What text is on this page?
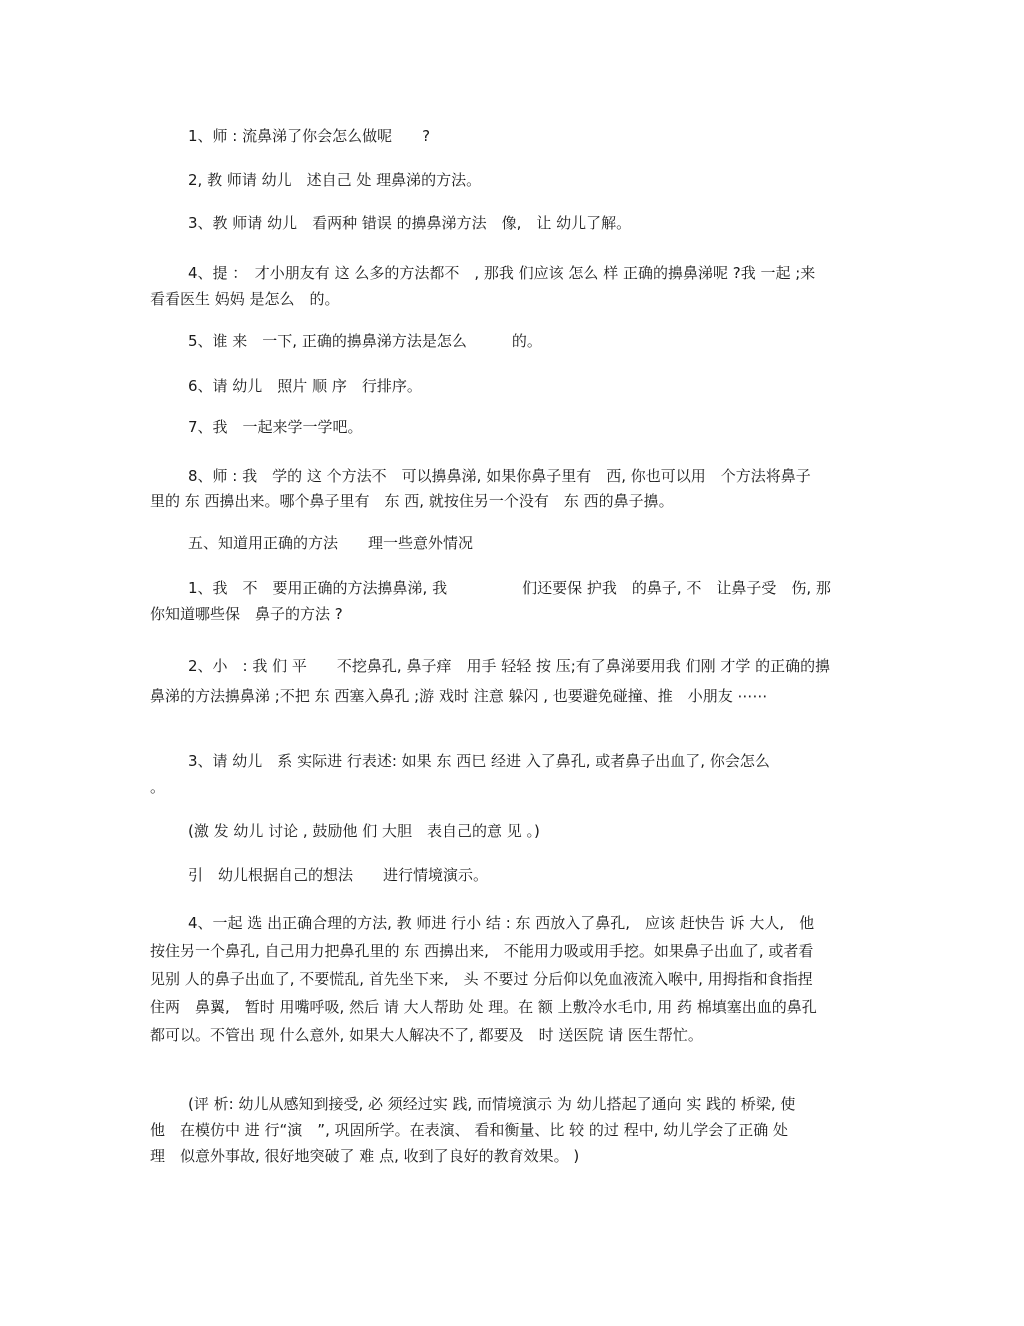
1、师 : 流鼻涕了你会怎么做呢　　?

2, 教 师请 幼儿　述自己 处 理鼻涕的方法。

3、教 师请 幼儿　看两种 错误 的擤鼻涕方法　像,　让 幼儿了解。

4、提 ：　才小朋友有 这 么多的方法都不　, 那我 们应该 怎么 样 正确的擤鼻涕呢 ?我 一起 ;来

看看医生 妈妈 是怎么　的。

5、谁 来　一下, 正确的擤鼻涕方法是怎么　　　的。

6、请 幼儿　照片 顺 序　行排序。

7、我　一起来学一学吧。

8、师 : 我　学的 这 个方法不　可以擤鼻涕, 如果你鼻子里有　西, 你也可以用　个方法将鼻子

里的 东 西擤出来。哪个鼻子里有　东 西, 就按住另一个没有　东 西的鼻子擤。

五、知道用正确的方法　　理一些意外情况

1、我　不　要用正确的方法擤鼻涕, 我　　　　　们还要保 护我　的鼻子, 不　让鼻子受　伤, 那

你知道哪些保　鼻子的方法 ?

2、小　: 我 们 平　　不挖鼻孔, 鼻子痒　用手 轻轻 按 压;有了鼻涕要用我 们刚 才学 的正确的擤

鼻涕的方法擤鼻涕 ;不把 东 西塞入鼻孔 ;游 戏时 注意 躲闪 , 也要避免碰撞、推　小朋友 ⋯⋯

3、请 幼儿　系 实际进 行表述: 如果 东 西巳 经进 入了鼻孔, 或者鼻子出血了, 你会怎么

。

(激 发 幼儿 讨论 , 鼓励他 们 大胆　表自己的意 见 。)

引　幼儿根据自己的想法　　进行情境演示。

4、一起 选 出正确合理的方法, 教 师进 行小 结 : 东 西放入了鼻孔,　应该 赶快告 诉 大人,　他

按住另一个鼻孔, 自己用力把鼻孔里的 东 西擤出来,　不能用力吸或用手挖。如果鼻子出血了, 或者看

见别 人的鼻子出血了, 不要慌乱, 首先坐下来,　头 不要过 分后仰以免血液流入喉中, 用拇指和食指捏

住两　鼻翼,　暂时 用嘴呼吸, 然后 请 大人帮助 处 理。在 额 上敷冷水毛巾, 用 药 棉填塞出血的鼻孔

都可以。不管出 现 什么意外, 如果大人解决不了, 都要及　时 送医院 请 医生帮忙。

(评 析: 幼儿从感知到接受, 必 须经过实 践, 而情境演示 为 幼儿搭起了通向 实 践的 桥梁, 使

他　在模仿中 进 行“演　”, 巩固所学。在表演、 看和衡量、比 较 的过 程中, 幼儿学会了正确 处

理　似意外事故, 很好地突破了 难 点, 收到了良好的教育效果。 )
